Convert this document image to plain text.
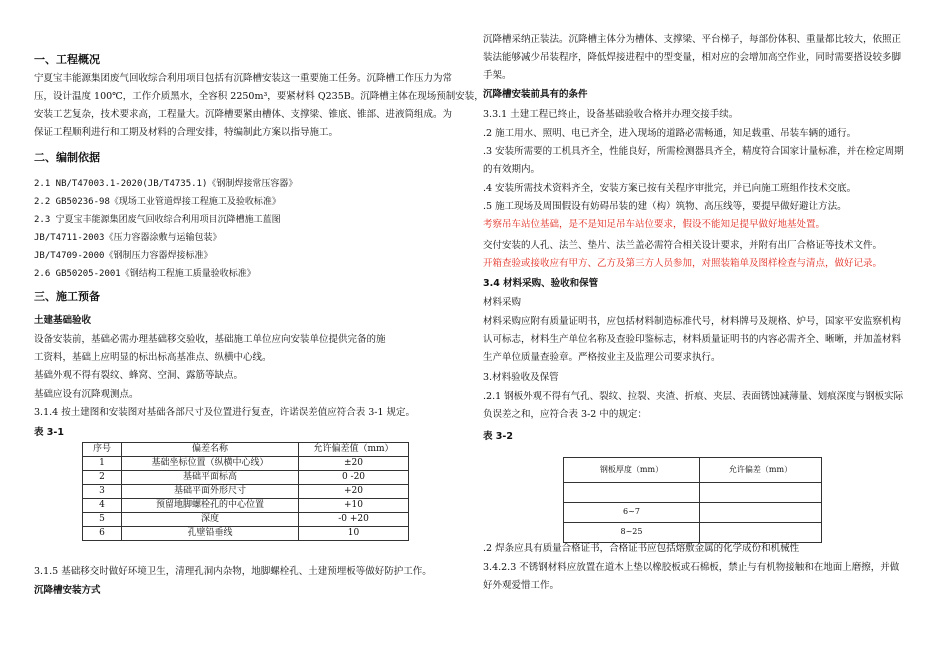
一、工程概况
宁夏宝丰能源集团废气回收综合利用项目包括有沉降槽安装这一重要施工任务。沉降槽工作压力为常
压，设计温度 100℃，工作介质黑水，全容积 2250m³，要紧材料 Q235B。沉降槽主体在现场预制安装，
安装工艺复杂，技术要求高，工程量大。沉降槽要紧由槽体、支撑梁、锥底、锥部、进液筒组成。为
保证工程顺利进行和工期及材料的合理安排，特编制此方案以指导施工。
二、编制依据
2.1 NB/T47003.1-2020(JB/T4735.1)《钢制焊接常压容器》
2.2 GB50236-98《现场工业管道焊接工程施工及验收标准》
2.3 宁夏宝丰能源集团废气回收综合利用项目沉降槽施工蓝图
JB/T4711-2003《压力容器涂敷与运输包装》
JB/T4709-2000《钢制压力容器焊接标准》
2.6 GB50205-2001《钢结构工程施工质量验收标准》
三、施工预备
土建基础验收
设备安装前，基础必需办理基础移交验收，基础施工单位应向安装单位提供完备的施
工资料，基础上应明显的标出标高基准点、纵横中心线。
基础外观不得有裂纹、蜂窝、空洞、露筋等缺点。
基础应设有沉降观测点。
3.1.4 按土建图和安装图对基础各部尺寸及位置进行复查，许诺误差值应符合表 3-1 规定。
表 3-1
序号	偏差名称	允许偏差值（mm）
1	基础坐标位置（纵横中心线）	±20
2	基础平面标高	0 -20
3	基础平面外形尺寸	+20
4	预留地脚螺栓孔的中心位置	+10
5	深度	-0 +20
6	孔壁铅垂线	10
3.1.5 基础移交时做好环境卫生，清理孔洞内杂物，地脚螺栓孔、土建预埋板等做好防护工作。
沉降槽安装方式
沉降槽采纳正装法。沉降槽主体分为槽体、支撑梁、平台梯子，每部份体积、重量都比较大，依照正
装法能够减少吊装程序，降低焊接进程中的型变量，相对应的会增加高空作业，同时需要搭设较多脚
手架。
沉降槽安装前具有的条件
3.3.1 土建工程已终止，设备基础验收合格并办理交接手续。
.2 施工用水、照明、电已齐全，进入现场的道路必需畅通，知足载重、吊装车辆的通行。
.3 安装所需要的工机具齐全，性能良好，所需检测器具齐全，精度符合国家计量标准，并在检定周期
的有效期内。
.4 安装所需技术资料齐全，安装方案已按有关程序审批完，并已向施工班组作技术交底。
.5 施工现场及周围假设有妨碍吊装的建（构）筑物、高压线等，要提早做好避让方法。
考察吊车站位基础，是不是知足吊车站位要求，假设不能知足提早做好地基处置。
交付安装的人孔、法兰、垫片、法兰盖必需符合相关设计要求，并附有出厂合格证等技术文件。
开箱查验或接收应有甲方、乙方及第三方人员参加，对照装箱单及图样检查与清点，做好记录。
3.4 材料采购、验收和保管
材料采购
材料采购应附有质量证明书，应包括材料制造标准代号，材料牌号及规格、炉号，国家平安监察机构
认可标志，材料生产单位名称及查验印鉴标志，材料质量证明书的内容必需齐全、晰晰，并加盖材料
生产单位质量查验章。严格按业主及监理公司要求执行。
3.材料验收及保管
.2.1 钢板外观不得有气孔、裂纹、拉裂、夹渣、折痕、夹层、表面锈蚀减薄量、划痕深度与钢板实际
负误差之和，应符合表 3-2 中的规定：
表 3-2
钢板厚度（mm）	允许偏差（mm）

6~7	
8~25	
.2 焊条应具有质量合格证书，合格证书应包括熔敷金属的化学成份和机械性
3.4.2.3 不锈钢材料应放置在道木上垫以橡胶板或石棉板，禁止与有机物接触和在地面上磨擦，并做
好外观爱惜工作。
